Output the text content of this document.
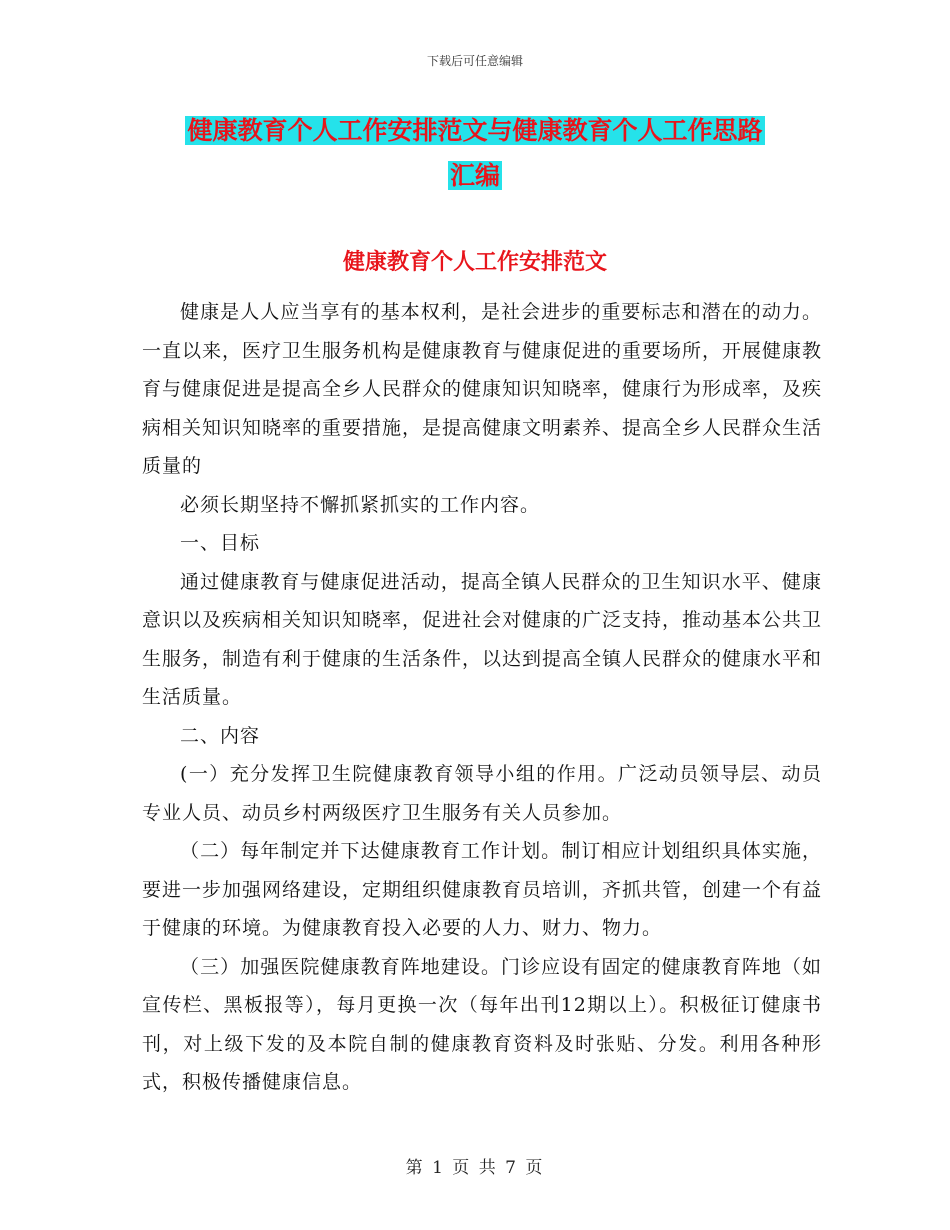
下载后可任意编辑
健康教育个人工作安排范文与健康教育个人工作思路
汇编
健康教育个人工作安排范文

健康是人人应当享有的基本权利，是社会进步的重要标志和潜在的动力。一直以来，医疗卫生服务机构是健康教育与健康促进的重要场所，开展健康教育与健康促进是提高全乡人民群众的健康知识知晓率，健康行为形成率，及疾病相关知识知晓率的重要措施，是提高健康文明素养、提高全乡人民群众生活质量的

必须长期坚持不懈抓紧抓实的工作内容。

一、目标

通过健康教育与健康促进活动，提高全镇人民群众的卫生知识水平、健康意识以及疾病相关知识知晓率，促进社会对健康的广泛支持，推动基本公共卫生服务，制造有利于健康的生活条件，以达到提高全镇人民群众的健康水平和生活质量。

二、内容

(一）充分发挥卫生院健康教育领导小组的作用。广泛动员领导层、动员专业人员、动员乡村两级医疗卫生服务有关人员参加。

（二）每年制定并下达健康教育工作计划。制订相应计划组织具体实施，要进一步加强网络建设，定期组织健康教育员培训，齐抓共管，创建一个有益于健康的环境。为健康教育投入必要的人力、财力、物力。

（三）加强医院健康教育阵地建设。门诊应设有固定的健康教育阵地（如宣传栏、黑板报等），每月更换一次（每年出刊12期以上）。积极征订健康书刊，对上级下发的及本院自制的健康教育资料及时张贴、分发。利用各种形式，积极传播健康信息。

第 1 页 共 7 页
